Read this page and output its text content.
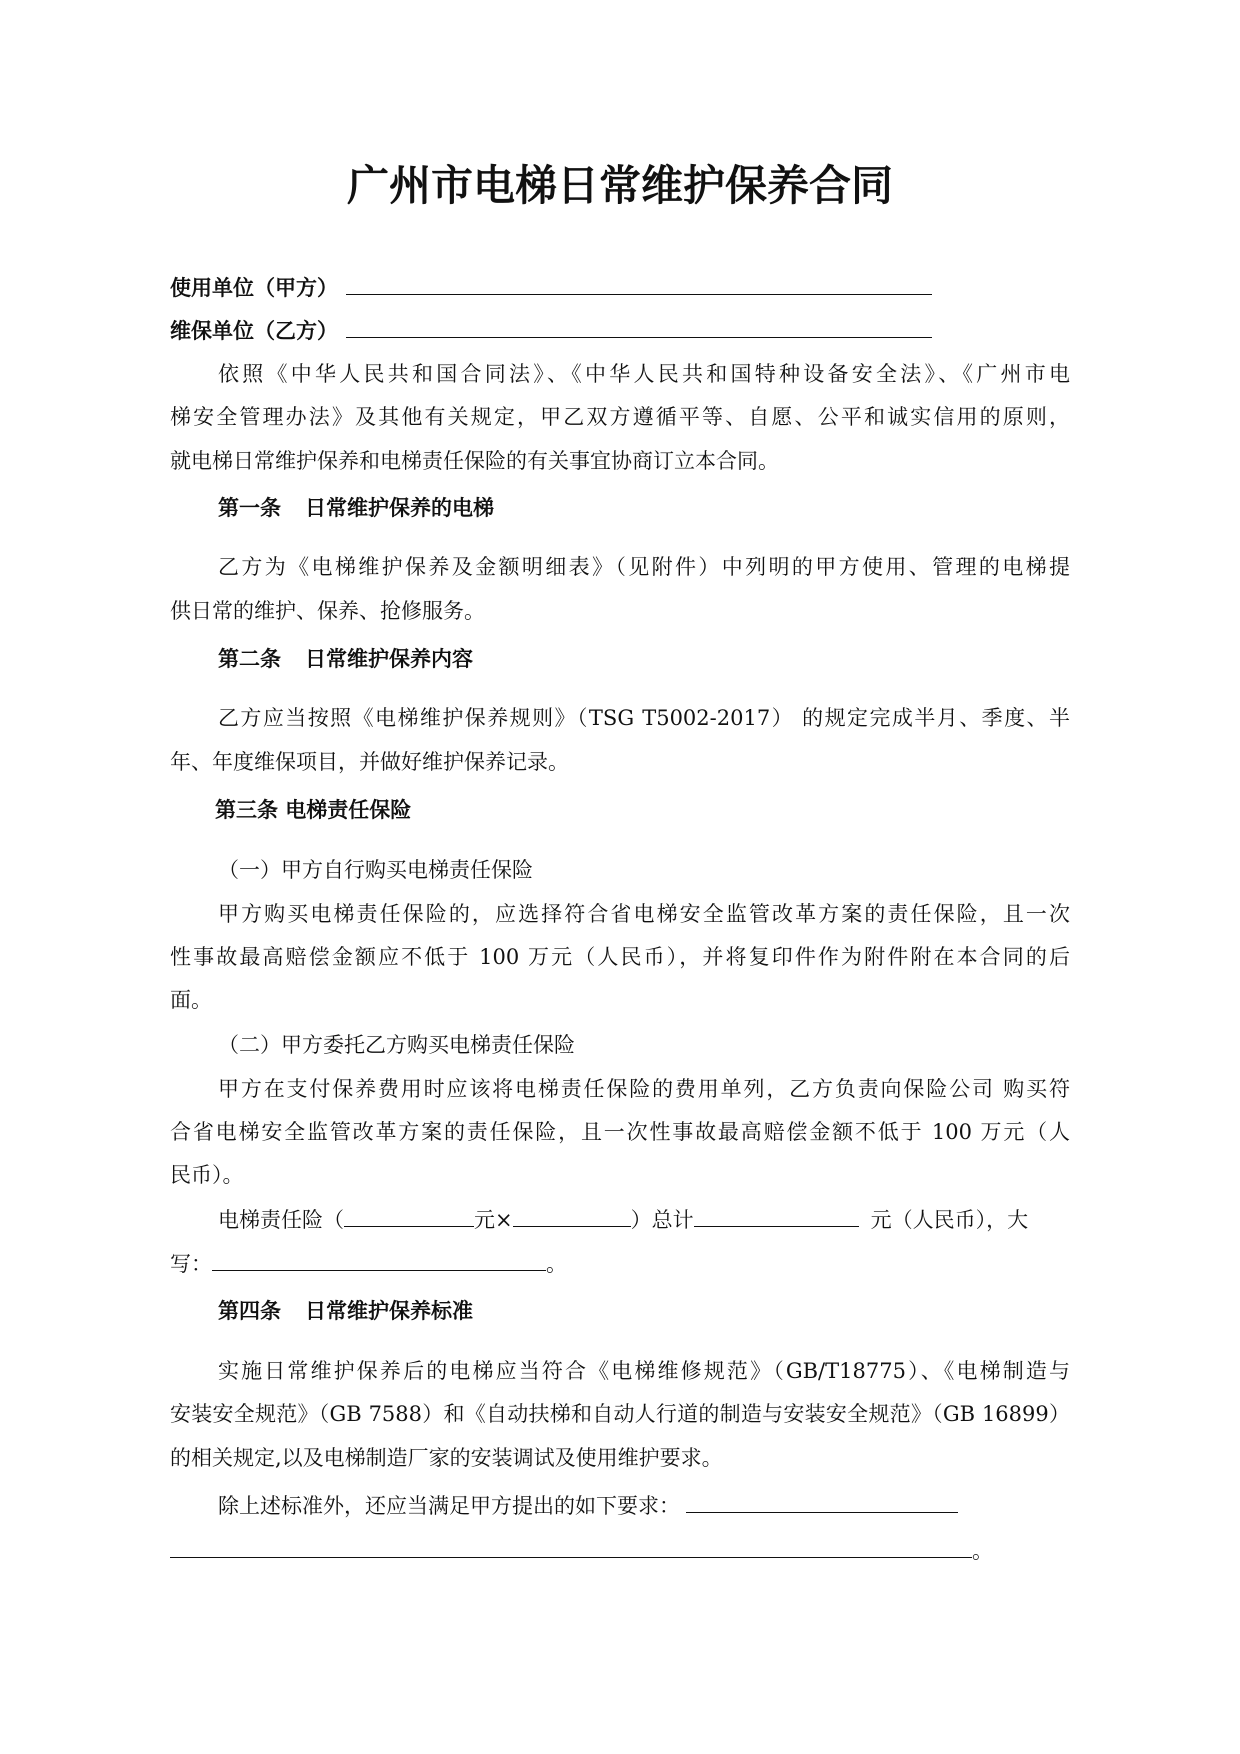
广州市电梯日常维护保养合同
使用单位（甲方）
维保单位（乙方）
依照《中华人民共和国合同法》、《中华人民共和国特种设备安全法》、《广州市电
梯安全管理办法》及其他有关规定，甲乙双方遵循平等、自愿、公平和诚实信用的原则，
就电梯日常维护保养和电梯责任保险的有关事宜协商订立本合同。
第一条 日常维护保养的电梯
乙方为《电梯维护保养及金额明细表》（见附件）中列明的甲方使用、管理的电梯提
供日常的维护、保养、抢修服务。
第二条 日常维护保养内容
乙方应当按照《电梯维护保养规则》（TSG T5002-2017） 的规定完成半月、季度、半
年、年度维保项目，并做好维护保养记录。
第三条 电梯责任保险
（一）甲方自行购买电梯责任保险
甲方购买电梯责任保险的，应选择符合省电梯安全监管改革方案的责任保险，且一次
性事故最高赔偿金额应不低于 100 万元（人民币），并将复印件作为附件附在本合同的后
面。
（二）甲方委托乙方购买电梯责任保险
甲方在支付保养费用时应该将电梯责任保险的费用单列，乙方负责向保险公司 购买符
合省电梯安全监管改革方案的责任保险，且一次性事故最高赔偿金额不低于 100 万元（人
民币）。
电梯责任险（	元×	）总计	元（人民币），大
写：	。
第四条 日常维护保养标准
实施日常维护保养后的电梯应当符合《电梯维修规范》（GB/T18775）、《电梯制造与
安装安全规范》（GB 7588）和《自动扶梯和自动人行道的制造与安装安全规范》（GB 16899）
的相关规定,以及电梯制造厂家的安装调试及使用维护要求。
除上述标准外，还应当满足甲方提出的如下要求：
。
